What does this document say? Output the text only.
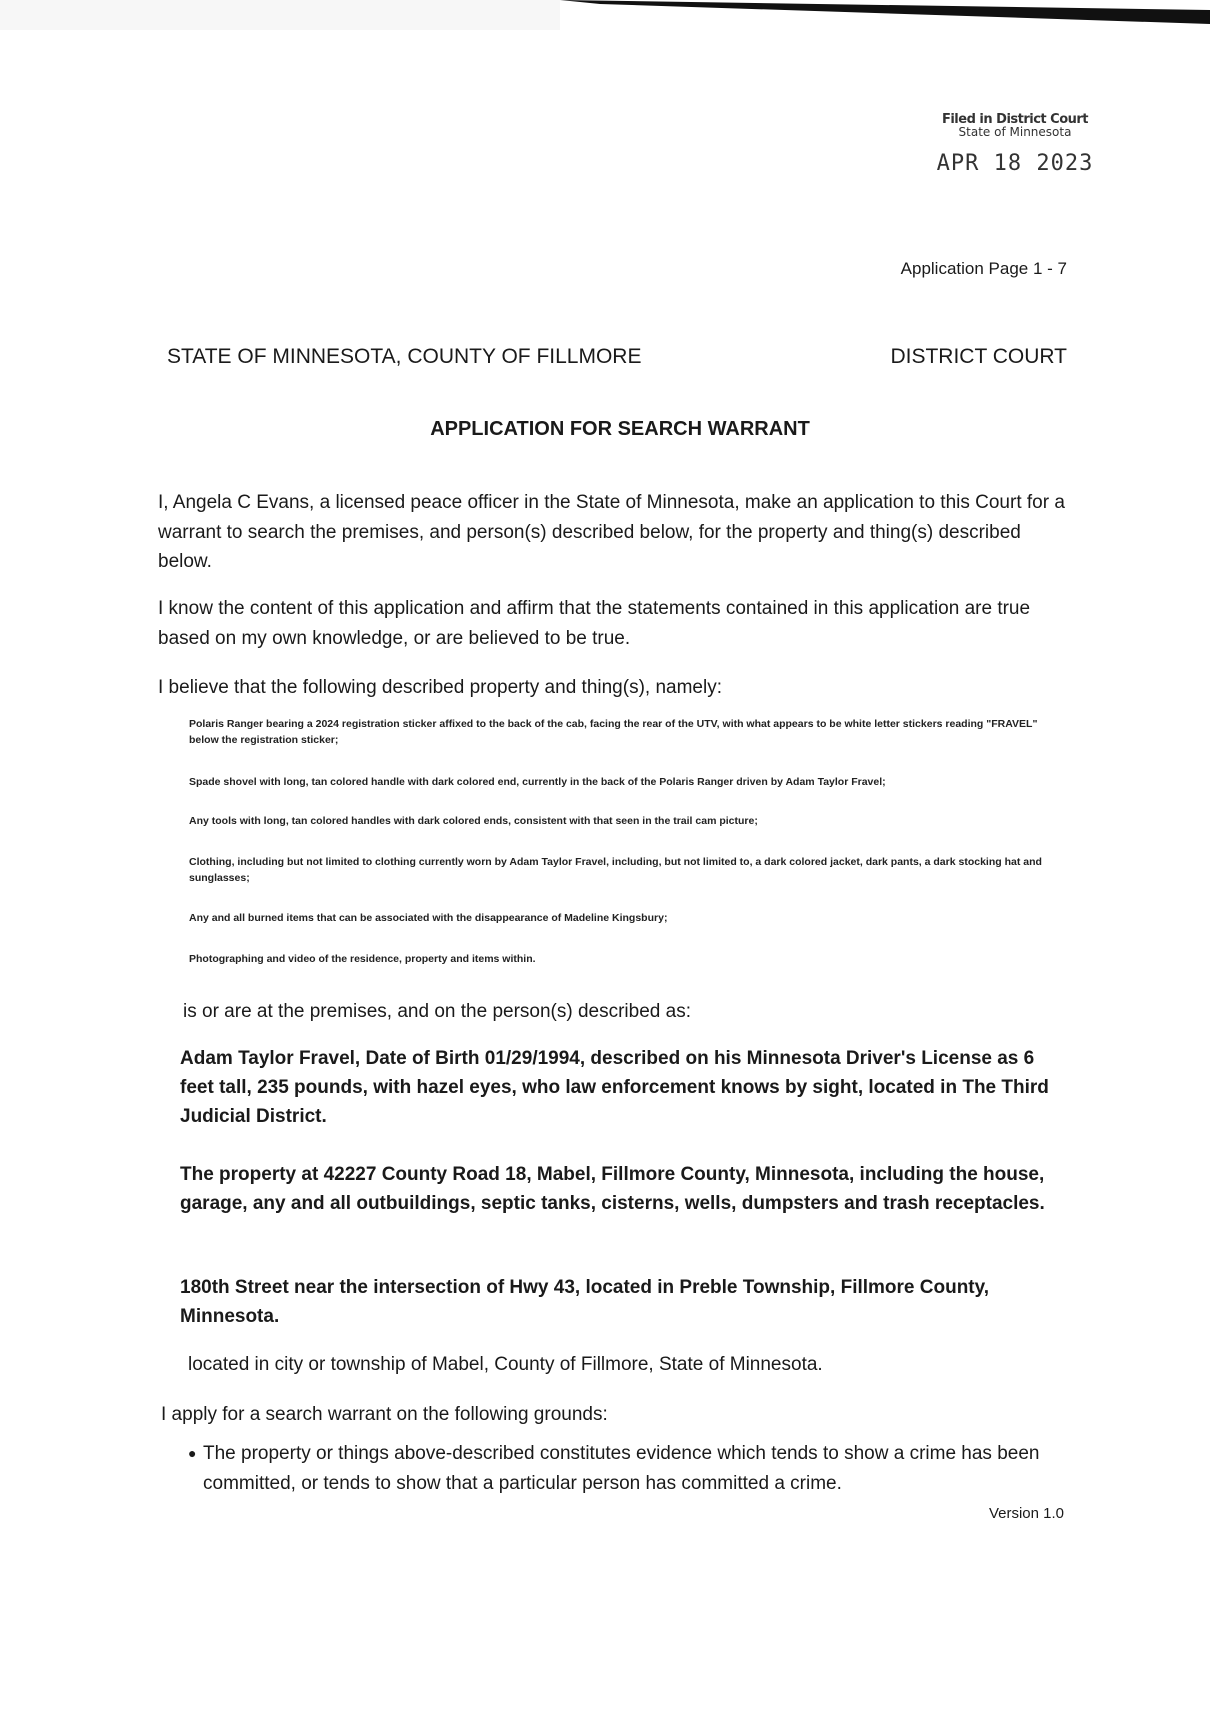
Filed in District Court
State of Minnesota
APR 18 2023
Application Page 1 - 7
STATE OF MINNESOTA, COUNTY OF FILLMORE	DISTRICT COURT
APPLICATION FOR SEARCH WARRANT
I, Angela C Evans, a licensed peace officer in the State of Minnesota, make an application to this Court for a warrant to search the premises, and person(s) described below, for the property and thing(s) described below.
I know the content of this application and affirm that the statements contained in this application are true based on my own knowledge, or are believed to be true.
I believe that the following described property and thing(s), namely:
Polaris Ranger bearing a 2024 registration sticker affixed to the back of the cab, facing the rear of the UTV, with what appears to be white letter stickers reading "FRAVEL" below the registration sticker;
Spade shovel with long, tan colored handle with dark colored end, currently in the back of the Polaris Ranger driven by Adam Taylor Fravel;
Any tools with long, tan colored handles with dark colored ends, consistent with that seen in the trail cam picture;
Clothing, including but not limited to clothing currently worn by Adam Taylor Fravel, including, but not limited to, a dark colored jacket, dark pants, a dark stocking hat and sunglasses;
Any and all burned items that can be associated with the disappearance of Madeline Kingsbury;
Photographing and video of the residence, property and items within.
is or are at the premises, and on the person(s) described as:
Adam Taylor Fravel, Date of Birth 01/29/1994, described on his Minnesota Driver's License as 6 feet tall, 235 pounds, with hazel eyes, who law enforcement knows by sight, located in The Third Judicial District.
The property at 42227 County Road 18, Mabel, Fillmore County, Minnesota, including the house, garage, any and all outbuildings, septic tanks, cisterns, wells, dumpsters and trash receptacles.
180th Street near the intersection of Hwy 43, located in Preble Township, Fillmore County, Minnesota.
located in city or township of Mabel, County of Fillmore, State of Minnesota.
I apply for a search warrant on the following grounds:
● The property or things above-described constitutes evidence which tends to show a crime has been committed, or tends to show that a particular person has committed a crime.
Version 1.0
